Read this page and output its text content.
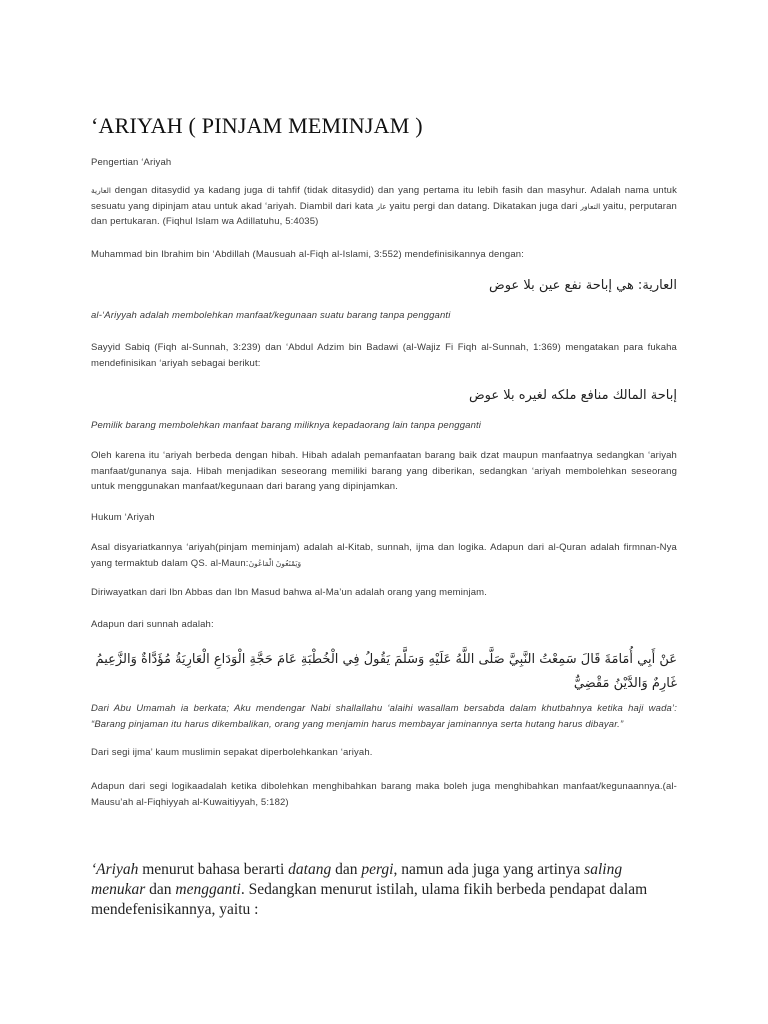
‘ARIYAH ( PINJAM MEMINJAM )
Pengertian ‘Ariyah
العارية dengan ditasydid ya kadang juga di tahfif (tidak ditasydid) dan yang pertama itu lebih fasih dan masyhur. Adalah nama untuk sesuatu yang dipinjam atau untuk akad ‘ariyah. Diambil dari kata عار yaitu pergi dan datang. Dikatakan juga dari التعاور yaitu, perputaran dan pertukaran. (Fiqhul Islam wa Adillatuhu, 5:4035)
Muhammad bin Ibrahim bin ‘Abdillah (Mausuah al-Fiqh al-Islami, 3:552) mendefinisikannya dengan:
العارية: هي إباحة نفع عين بلا عوض
al-‘Ariyyah adalah membolehkan manfaat/kegunaan suatu barang tanpa pengganti
Sayyid Sabiq (Fiqh al-Sunnah, 3:239) dan ‘Abdul Adzim bin Badawi (al-Wajiz Fi Fiqh al-Sunnah, 1:369) mengatakan para fukaha mendefinisikan ‘ariyah sebagai berikut:
إباحة المالك منافع ملكه لغيره بلا عوض
Pemilik barang membolehkan manfaat barang miliknya kepadaorang lain tanpa pengganti
Oleh karena itu ‘ariyah berbeda dengan hibah. Hibah adalah pemanfaatan barang baik dzat maupun manfaatnya sedangkan ‘ariyah manfaat/gunanya saja. Hibah menjadikan seseorang memiliki barang yang diberikan, sedangkan ‘ariyah membolehkan seseorang untuk menggunakan manfaat/kegunaan dari barang yang dipinjamkan.
Hukum ‘Ariyah
Asal disyariatkannya ‘ariyah(pinjam meminjam) adalah al-Kitab, sunnah, ijma dan logika. Adapun dari al-Quran adalah firmnan-Nya yang termaktub dalam QS. al-Maun:وَيَمْنَعُونَ الْمَاعُونَ
Diriwayatkan dari Ibn Abbas dan Ibn Masud bahwa al-Ma’un adalah orang yang meminjam.
Adapun dari sunnah adalah:
عَنْ أَبِي أُمَامَةَ قَالَ سَمِعْتُ النَّبِيَّ صَلَّى اللَّهُ عَلَيْهِ وَسَلَّمَ يَقُولُ فِي الْخُطْبَةِ عَامَ حَجَّةِ الْوَدَاعِ الْعَارِيَةُ مُؤَدَّاةٌ وَالزَّعِيمُ غَارِمٌ وَالدَّيْنُ مَقْضِيٌّ
Dari Abu Umamah ia berkata; Aku mendengar Nabi shallallahu ‘alaihi wasallam bersabda dalam khutbahnya ketika haji wada’: “Barang pinjaman itu harus dikembalikan, orang yang menjamin harus membayar jaminannya serta hutang harus dibayar.”
Dari segi ijma’ kaum muslimin sepakat diperbolehkankan ‘ariyah.
Adapun dari segi logikaadalah ketika dibolehkan menghibahkan barang maka boleh juga menghibahkan manfaat/kegunaannya.(al-Mausu’ah al-Fiqhiyyah al-Kuwaitiyyah, 5:182)
‘Ariyah menurut bahasa berarti datang dan pergi, namun ada juga yang artinya saling menukar dan mengganti. Sedangkan menurut istilah, ulama fikih berbeda pendapat dalam mendefenisikannya, yaitu :
